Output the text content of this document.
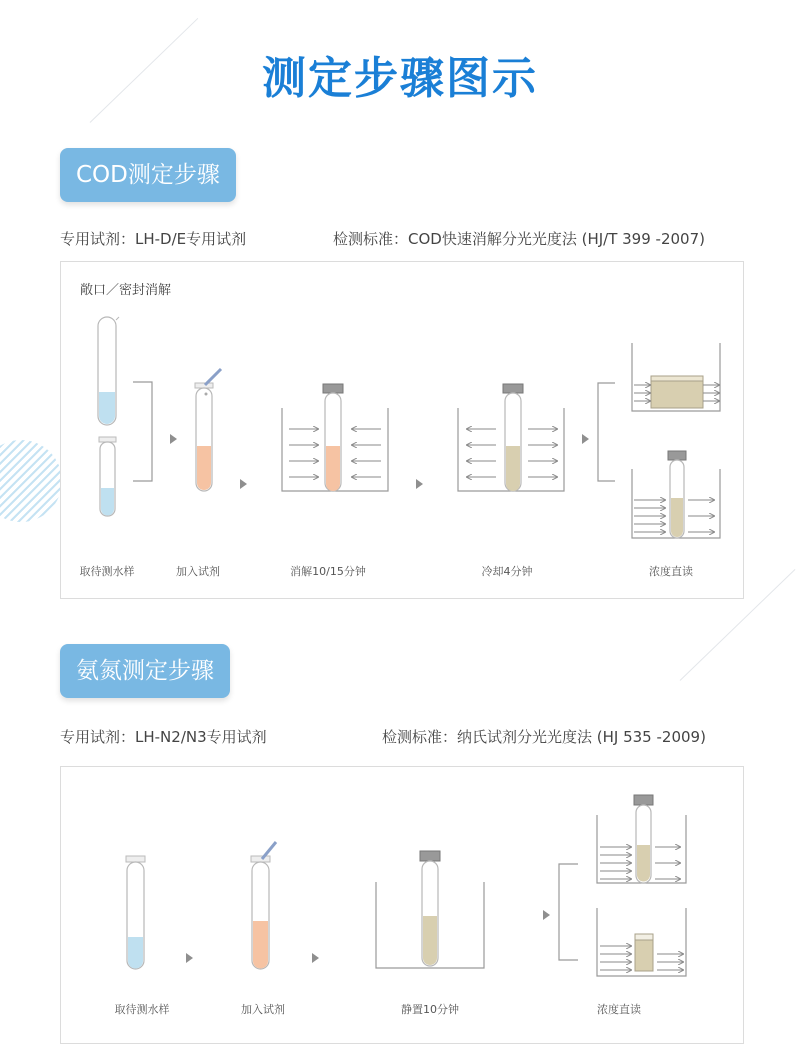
测定步骤图示
COD测定步骤
专用试剂：LH-D/E专用试剂	检测标准：COD快速消解分光光度法 (HJ/T 399 -2007)
敞口／密封消解
取待测水样	加入试剂	消解10/15分钟	冷却4分钟	浓度直读
取待测水样	加入试剂	静置10分钟	浓度直读
氨氮测定步骤
专用试剂：LH-N2/N3专用试剂	检测标准：纳氏试剂分光光度法 (HJ 535 -2009)
